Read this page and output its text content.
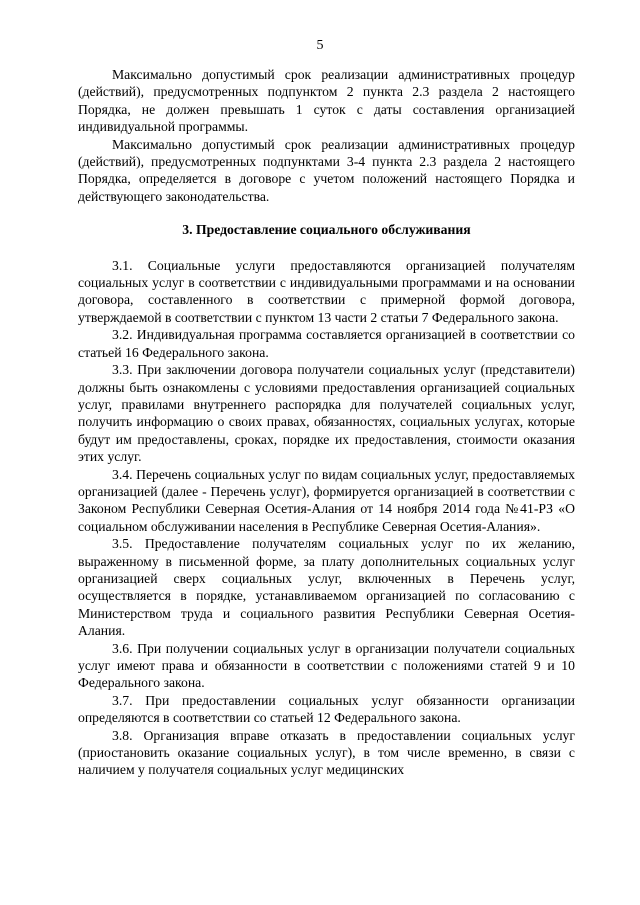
5

Максимально допустимый срок реализации административных процедур (действий), предусмотренных подпунктом 2 пункта 2.3 раздела 2 настоящего Порядка, не должен превышать 1 суток с даты составления организацией индивидуальной программы.

Максимально допустимый срок реализации административных процедур (действий), предусмотренных подпунктами 3-4 пункта 2.3 раздела 2 настоящего Порядка, определяется в договоре с учетом положений настоящего Порядка и действующего законодательства.

3. Предоставление социального обслуживания

3.1. Социальные услуги предоставляются организацией получателям социальных услуг в соответствии с индивидуальными программами и на основании договора, составленного в соответствии с примерной формой договора, утверждаемой в соответствии с пунктом 13 части 2 статьи 7 Федерального закона.

3.2. Индивидуальная программа составляется организацией в соответствии со статьей 16 Федерального закона.

3.3. При заключении договора получатели социальных услуг (представители) должны быть ознакомлены с условиями предоставления организацией социальных услуг, правилами внутреннего распорядка для получателей социальных услуг, получить информацию о своих правах, обязанностях, социальных услугах, которые будут им предоставлены, сроках, порядке их предоставления, стоимости оказания этих услуг.

3.4. Перечень социальных услуг по видам социальных услуг, предоставляемых организацией (далее - Перечень услуг), формируется организацией в соответствии с Законом Республики Северная Осетия-Алания от 14 ноября 2014 года №41-РЗ «О социальном обслуживании населения в Республике Северная Осетия-Алания».

3.5. Предоставление получателям социальных услуг по их желанию, выраженному в письменной форме, за плату дополнительных социальных услуг организацией сверх социальных услуг, включенных в Перечень услуг, осуществляется в порядке, устанавливаемом организацией по согласованию с Министерством труда и социального развития Республики Северная Осетия-Алания.

3.6. При получении социальных услуг в организации получатели социальных услуг имеют права и обязанности в соответствии с положениями статей 9 и 10 Федерального закона.

3.7. При предоставлении социальных услуг обязанности организации определяются в соответствии со статьей 12 Федерального закона.

3.8. Организация вправе отказать в предоставлении социальных услуг (приостановить оказание социальных услуг), в том числе временно, в связи с наличием у получателя социальных услуг медицинских
